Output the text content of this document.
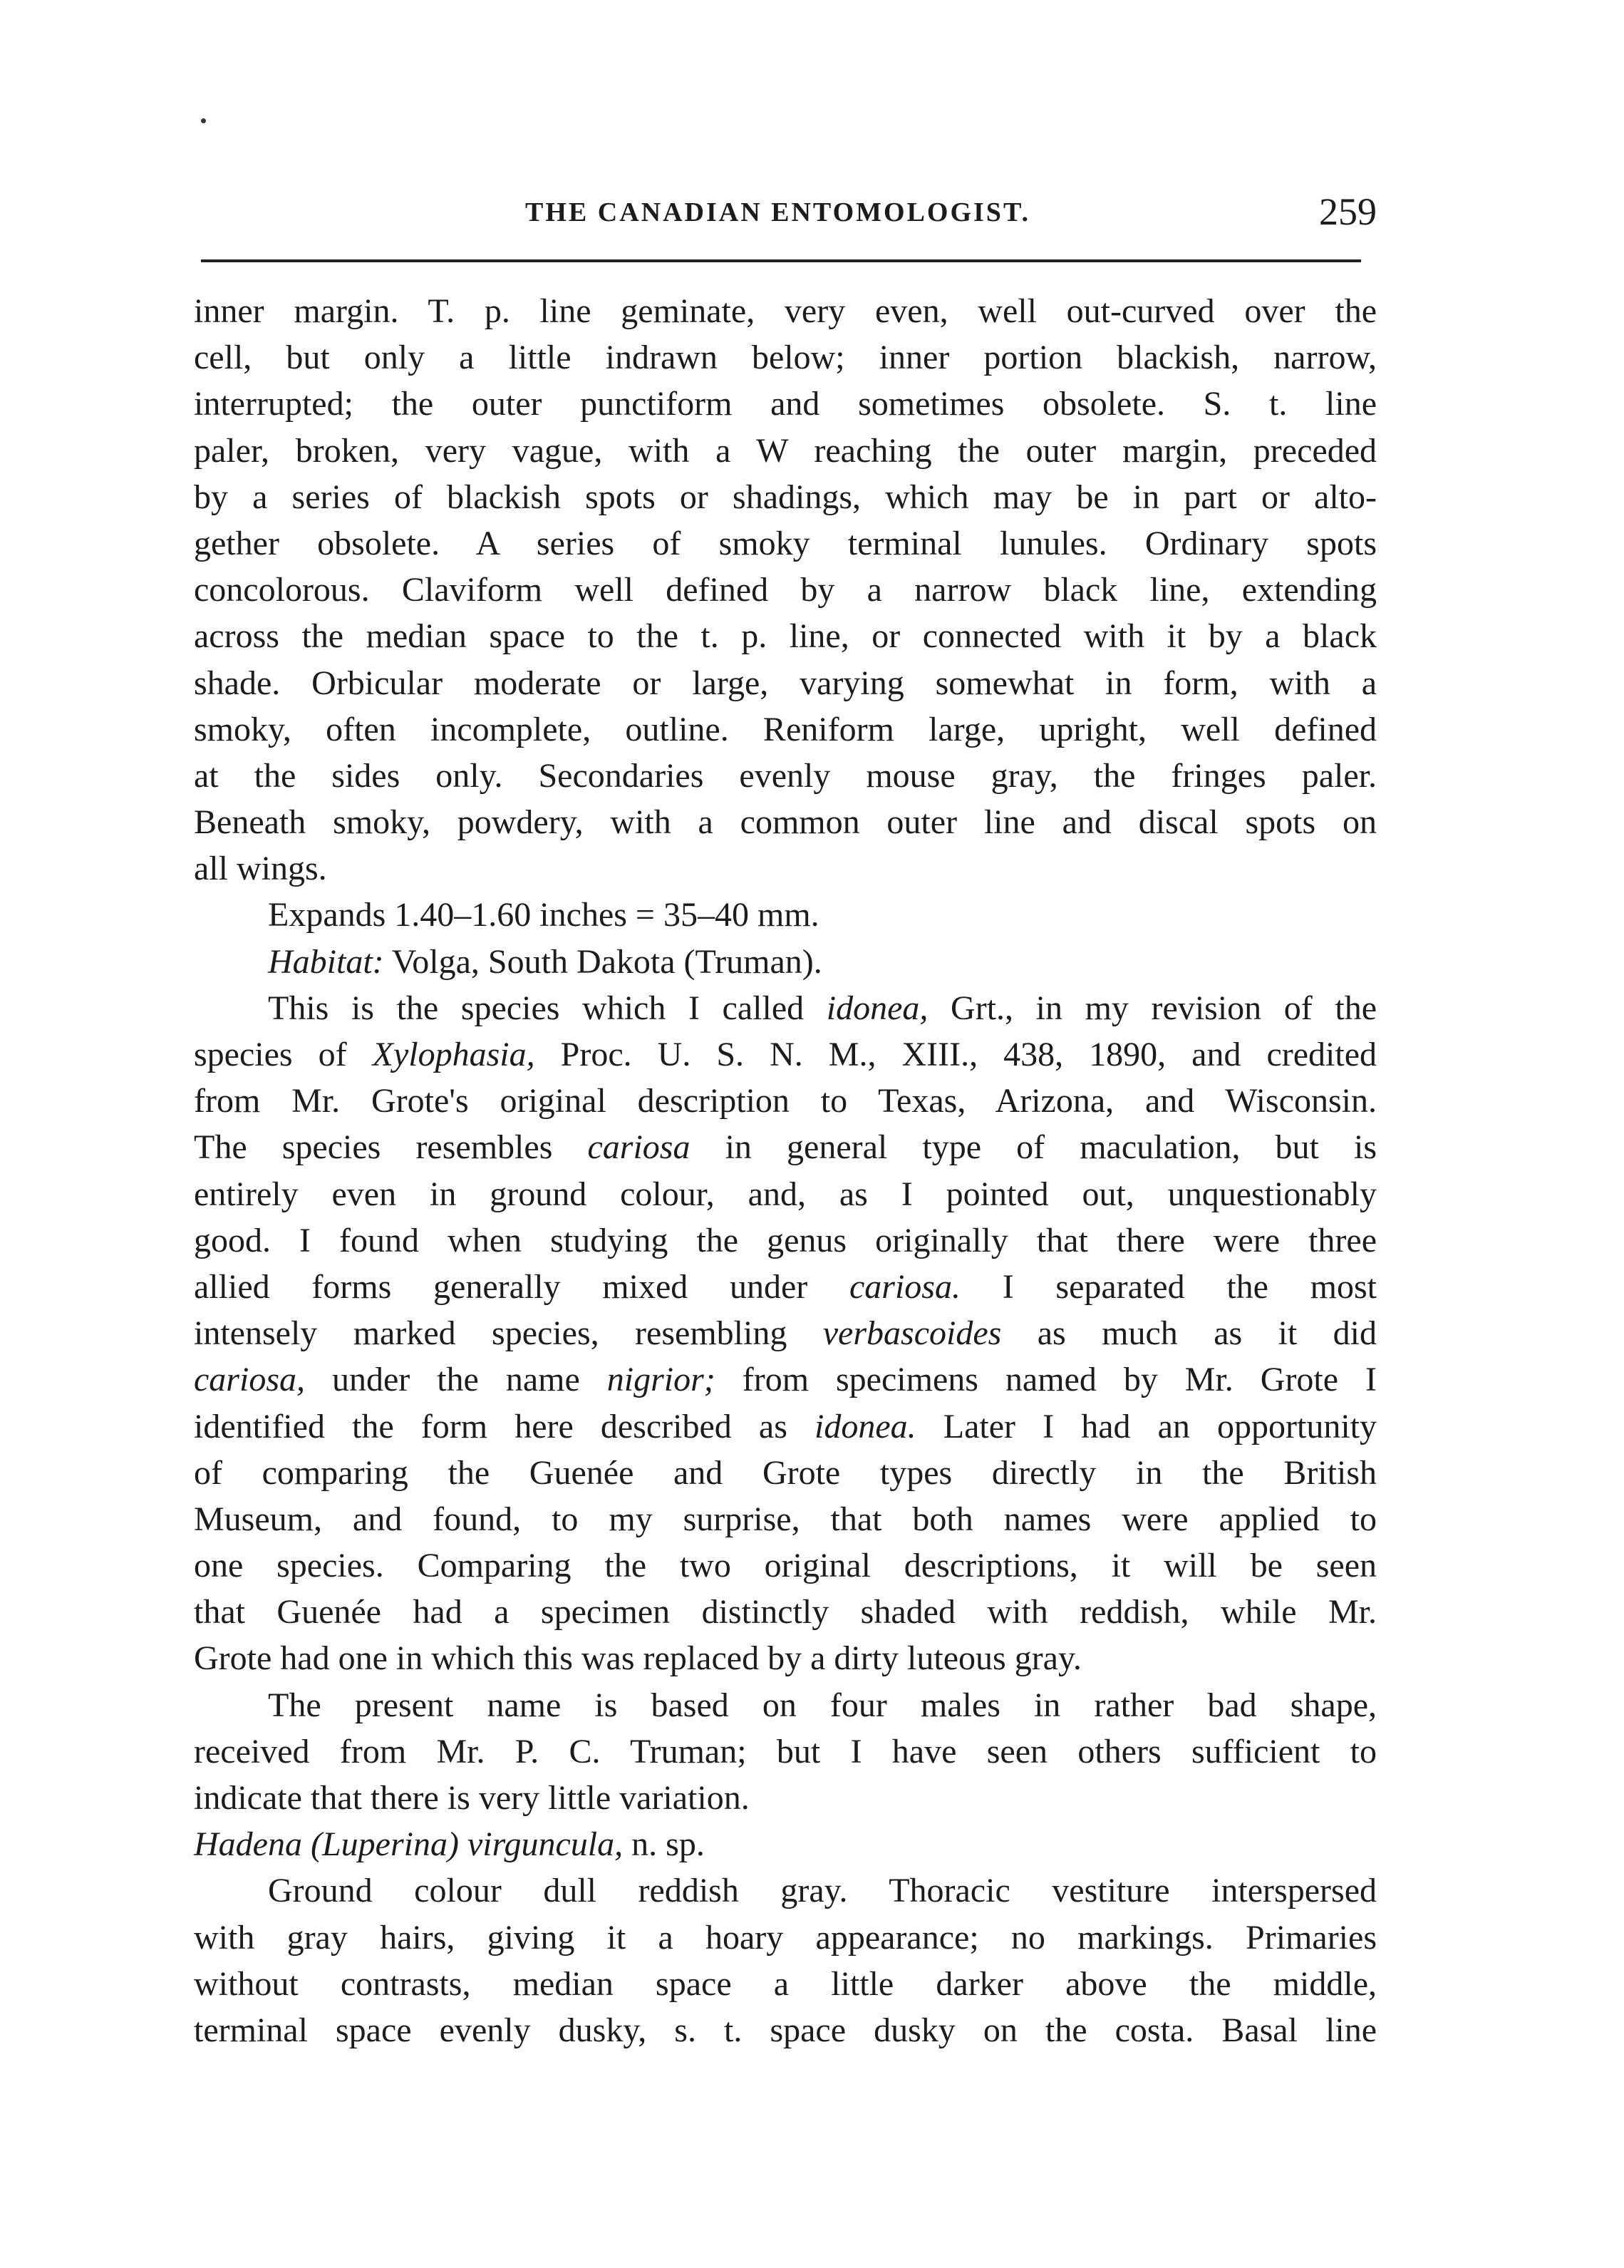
THE CANADIAN ENTOMOLOGIST.	259
inner margin. T. p. line geminate, very even, well out-curved over the
cell, but only a little indrawn below; inner portion blackish, narrow,
interrupted; the outer punctiform and sometimes obsolete. S. t. line
paler, broken, very vague, with a W reaching the outer margin, preceded
by a series of blackish spots or shadings, which may be in part or alto-
gether obsolete. A series of smoky terminal lunules. Ordinary spots
concolorous. Claviform well defined by a narrow black line, extending
across the median space to the t. p. line, or connected with it by a black
shade. Orbicular moderate or large, varying somewhat in form, with a
smoky, often incomplete, outline. Reniform large, upright, well defined
at the sides only. Secondaries evenly mouse gray, the fringes paler.
Beneath smoky, powdery, with a common outer line and discal spots on
all wings.
Expands 1.40–1.60 inches = 35–40 mm.
Habitat: Volga, South Dakota (Truman).
This is the species which I called idonea, Grt., in my revision of the
species of Xylophasia, Proc. U. S. N. M., XIII., 438, 1890, and credited
from Mr. Grote's original description to Texas, Arizona, and Wisconsin.
The species resembles cariosa in general type of maculation, but is
entirely even in ground colour, and, as I pointed out, unquestionably
good. I found when studying the genus originally that there were three
allied forms generally mixed under cariosa. I separated the most
intensely marked species, resembling verbascoides as much as it did
cariosa, under the name nigrior; from specimens named by Mr. Grote I
identified the form here described as idonea. Later I had an opportunity
of comparing the Guenée and Grote types directly in the British
Museum, and found, to my surprise, that both names were applied to
one species. Comparing the two original descriptions, it will be seen
that Guenée had a specimen distinctly shaded with reddish, while Mr.
Grote had one in which this was replaced by a dirty luteous gray.
The present name is based on four males in rather bad shape,
received from Mr. P. C. Truman; but I have seen others sufficient to
indicate that there is very little variation.
Hadena (Luperina) virguncula, n. sp.
Ground colour dull reddish gray. Thoracic vestiture interspersed
with gray hairs, giving it a hoary appearance; no markings. Primaries
without contrasts, median space a little darker above the middle,
terminal space evenly dusky, s. t. space dusky on the costa. Basal line
